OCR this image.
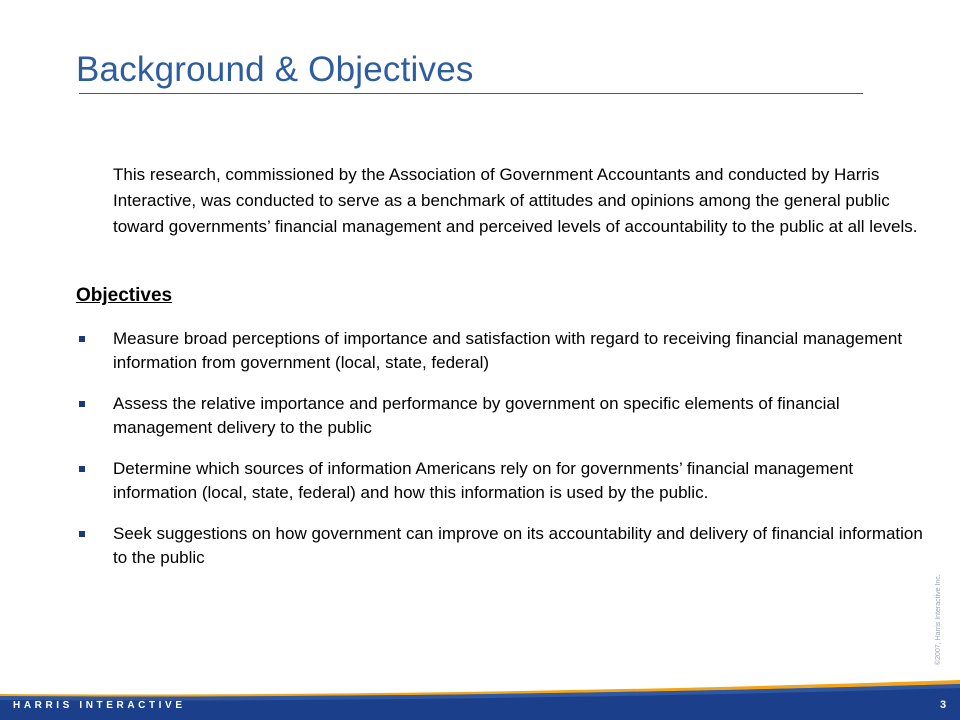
Background & Objectives
This research, commissioned by the Association of Government Accountants and conducted by Harris Interactive, was conducted to serve as a benchmark of attitudes and opinions among the general public toward governments’ financial management and perceived levels of accountability to the public at all levels.
Objectives
Measure broad perceptions of importance and satisfaction with regard to receiving financial management information from government (local, state, federal)
Assess the relative importance and performance by government on specific elements of financial management delivery to the public
Determine which sources of information Americans rely on for governments’ financial management information (local, state, federal) and how this information is used by the public.
Seek suggestions on how government can improve on its accountability and delivery of financial information to the public
©2007, Harris Interactive Inc.
HARRIS INTERACTIVE	3
